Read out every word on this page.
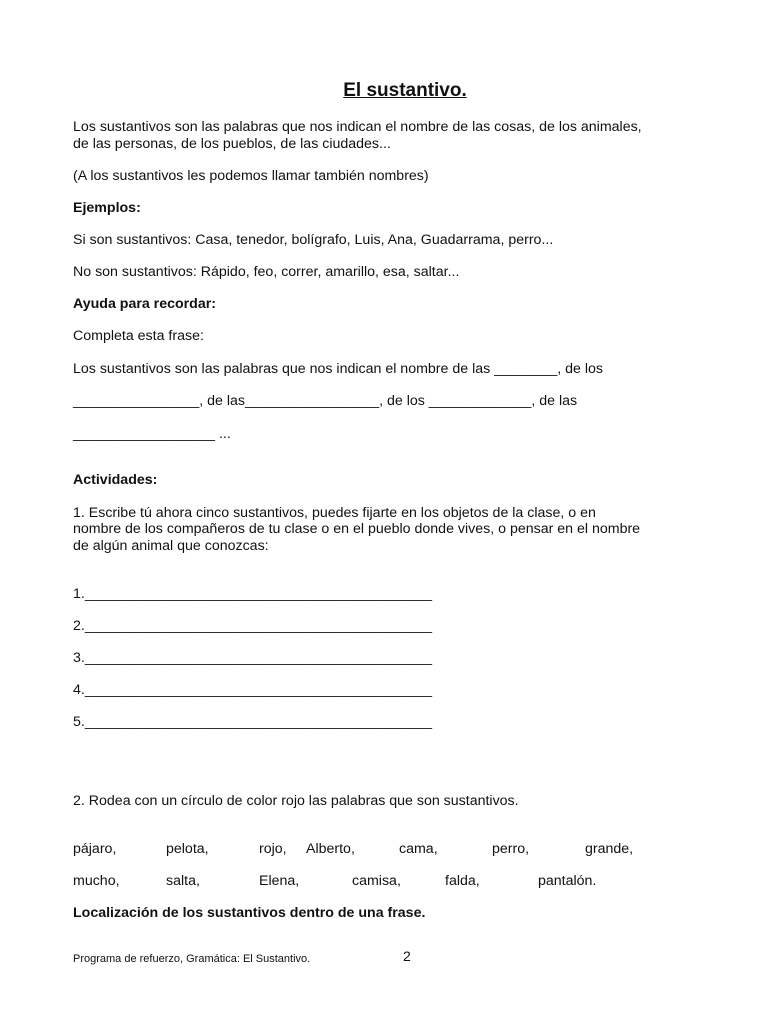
El sustantivo.
Los sustantivos son las palabras que nos indican el nombre de las cosas, de los animales,
de las personas, de los pueblos, de las ciudades...
(A los sustantivos les podemos llamar también nombres)
Ejemplos:
Si son sustantivos: Casa, tenedor, bolígrafo, Luis, Ana, Guadarrama, perro...
No son sustantivos: Rápido, feo, correr, amarillo, esa, saltar...
Ayuda para recordar:
Completa esta frase:
Los sustantivos son las palabras que nos indican el nombre de las ________, de los
________________, de las_________________, de los _____________, de las
__________________ ...
Actividades:
1. Escribe tú ahora cinco sustantivos, puedes fijarte en los objetos de la clase, o en
nombre de los compañeros de tu clase o en el pueblo donde vives, o pensar en el nombre
de algún animal que conozcas:
1.____________________________________________
2.____________________________________________
3.____________________________________________
4.____________________________________________
5.____________________________________________
2. Rodea con un círculo de color rojo las palabras que son sustantivos.
pájaro,	pelota,	rojo, Alberto,	cama,	perro,	grande,
mucho,	salta,	Elena,	camisa,	falda,	pantalón.
Localización de los sustantivos dentro de una frase.
Programa de refuerzo, Gramática: El Sustantivo.	2
